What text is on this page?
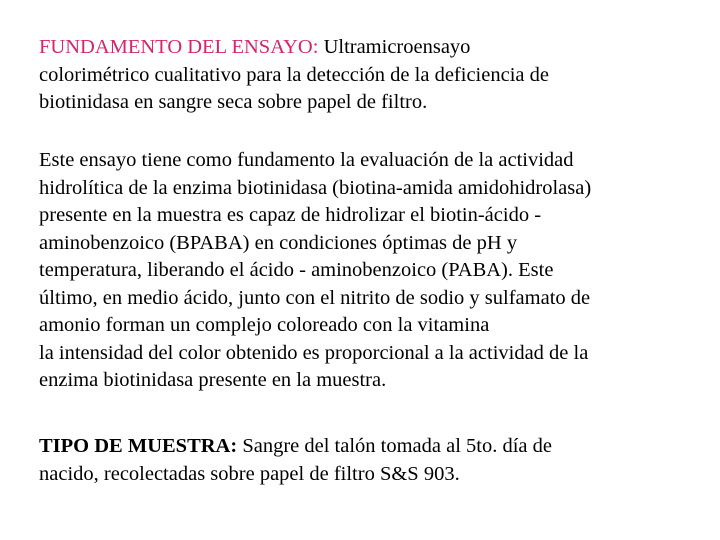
FUNDAMENTO DEL ENSAYO: Ultramicroensayo
colorimétrico cualitativo para la detección de la deficiencia de
biotinidasa en sangre seca sobre papel de filtro.

Este ensayo tiene como fundamento la evaluación de la actividad
hidrolítica de la enzima biotinidasa (biotina-amida amidohidrolasa)
presente en la muestra es capaz de hidrolizar el biotin-ácido -
aminobenzoico (BPABA) en condiciones óptimas de pH y
temperatura, liberando el ácido - aminobenzoico (PABA). Este
último, en medio ácido, junto con el nitrito de sodio y sulfamato de
amonio forman un complejo coloreado con la vitamina
la intensidad del color obtenido es proporcional a la actividad de la
enzima biotinidasa presente en la muestra.

TIPO DE MUESTRA: Sangre del talón tomada al 5to. día de
nacido, recolectadas sobre papel de filtro S&S 903.
